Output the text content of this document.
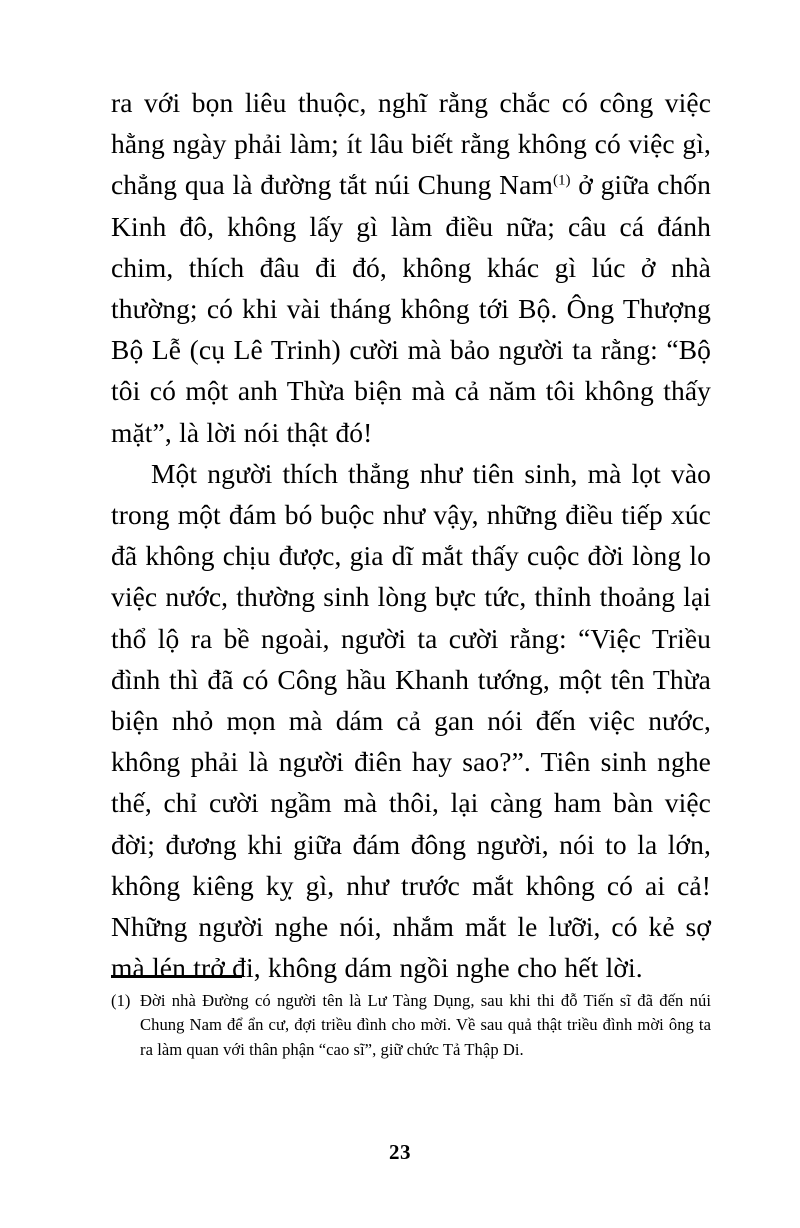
ra với bọn liêu thuộc, nghĩ rằng chắc có công việc hằng ngày phải làm; ít lâu biết rằng không có việc gì, chẳng qua là đường tắt núi Chung Nam$^{(1)}$ ở giữa chốn Kinh đô, không lấy gì làm điều nữa; câu cá đánh chim, thích đâu đi đó, không khác gì lúc ở nhà thường; có khi vài tháng không tới Bộ. Ông Thượng Bộ Lễ (cụ Lê Trinh) cười mà bảo người ta rằng: “Bộ tôi có một anh Thừa biện mà cả năm tôi không thấy mặt”, là lời nói thật đó!

Một người thích thẳng như tiên sinh, mà lọt vào trong một đám bó buộc như vậy, những điều tiếp xúc đã không chịu được, gia dĩ mắt thấy cuộc đời lòng lo việc nước, thường sinh lòng bực tức, thỉnh thoảng lại thổ lộ ra bề ngoài, người ta cười rằng: “Việc Triều đình thì đã có Công hầu Khanh tướng, một tên Thừa biện nhỏ mọn mà dám cả gan nói đến việc nước, không phải là người điên hay sao?”. Tiên sinh nghe thế, chỉ cười ngầm mà thôi, lại càng ham bàn việc đời; đương khi giữa đám đông người, nói to la lớn, không kiêng kỵ gì, như trước mắt không có ai cả! Những người nghe nói, nhắm mắt le lưỡi, có kẻ sợ mà lén trở đi, không dám ngồi nghe cho hết lời.

(1) Đời nhà Đường có người tên là Lư Tàng Dụng, sau khi thi đỗ Tiến sĩ đã đến núi Chung Nam để ẩn cư, đợi triều đình cho mời. Về sau quả thật triều đình mời ông ta ra làm quan với thân phận “cao sĩ”, giữ chức Tả Thập Di.

23
